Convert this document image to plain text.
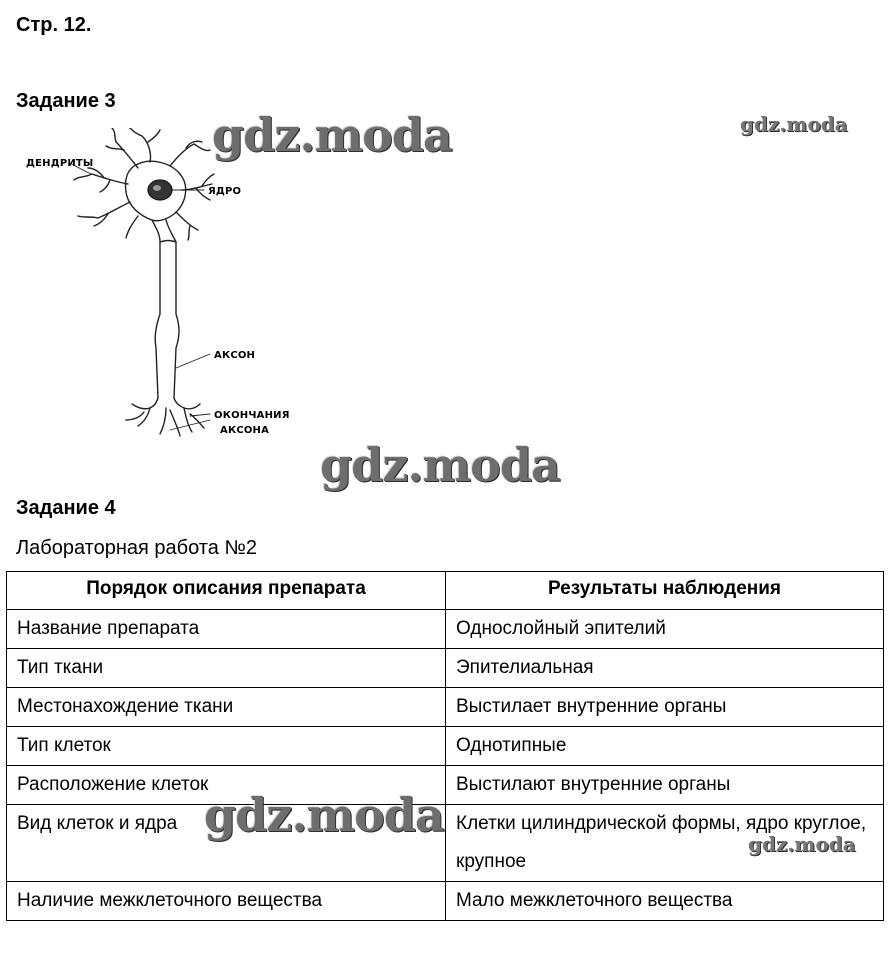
Стр. 12.
Задание 3
ДЕНДРИТЫ
ЯДРО
АКСОН
ОКОНЧАНИЯ
АКСОНА
gdz.moda	gdz.moda
gdz.moda
Задание 4
Лабораторная работа №2
Порядок описания препарата	Результаты наблюдения
Название препарата	Однослойный эпителий
Тип ткани	Эпителиальная
Местонахождение ткани	Выстилает внутренние органы
Тип клеток	Однотипные
Расположение клеток	Выстилают внутренние органы
Вид клеток и ядра	Клетки цилиндрической формы, ядро круглое, крупное
Наличие межклеточного вещества	Мало межклеточного вещества
gdz.moda
gdz.moda
